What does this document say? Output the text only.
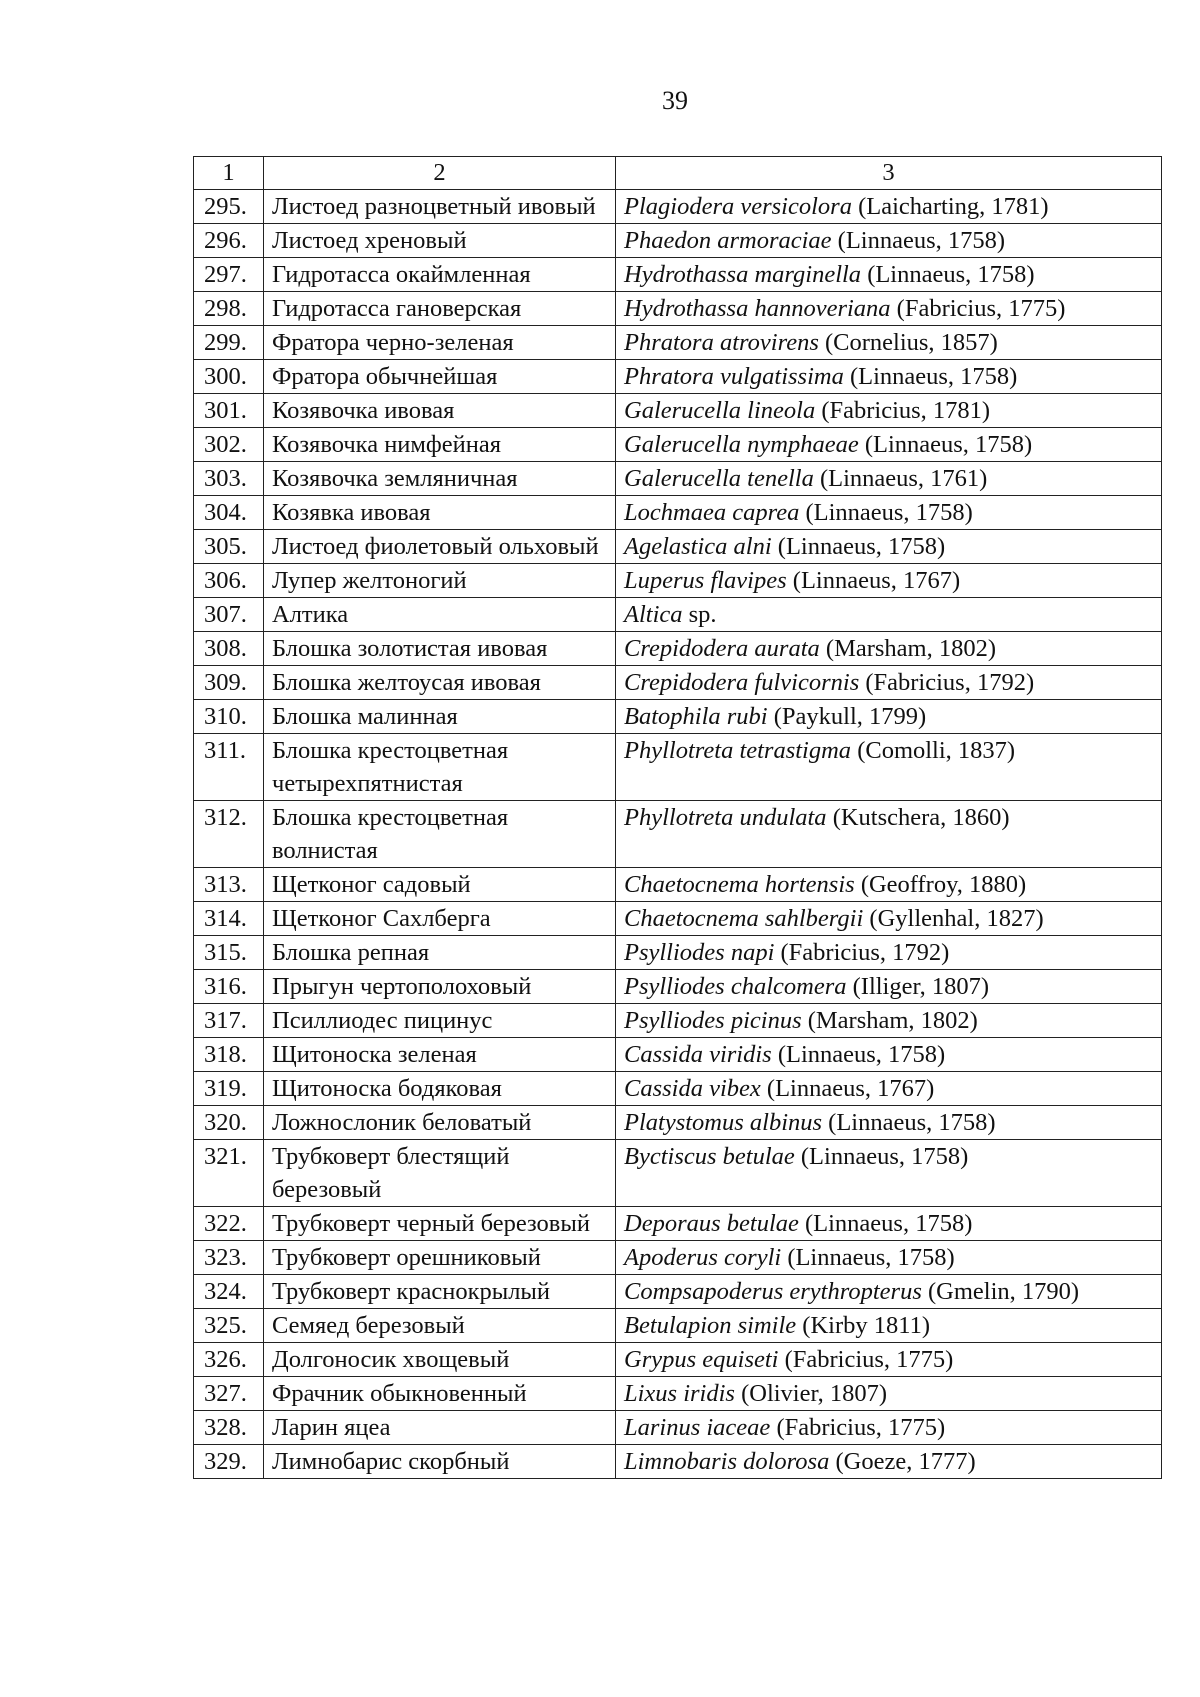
39
1	2	3
295.	Листоед разноцветный ивовый	Plagiodera versicolora (Laicharting, 1781)
296.	Листоед хреновый	Phaedon armoraciae (Linnaeus, 1758)
297.	Гидротасса окаймленная	Hydrothassa marginella (Linnaeus, 1758)
298.	Гидротасса гановерская	Hydrothassa hannoveriana (Fabricius, 1775)
299.	Фратора черно-зеленая	Phratora atrovirens (Cornelius, 1857)
300.	Фратора обычнейшая	Phratora vulgatissima (Linnaeus, 1758)
301.	Козявочка ивовая	Galerucella lineola (Fabricius, 1781)
302.	Козявочка нимфейная	Galerucella nymphaeae (Linnaeus, 1758)
303.	Козявочка земляничная	Galerucella tenella (Linnaeus, 1761)
304.	Козявка ивовая	Lochmaea caprea (Linnaeus, 1758)
305.	Листоед фиолетовый ольховый	Agelastica alni (Linnaeus, 1758)
306.	Лупер желтоногий	Luperus flavipes (Linnaeus, 1767)
307.	Алтика	Altica sp.
308.	Блошка золотистая ивовая	Crepidodera aurata (Marsham, 1802)
309.	Блошка желтоусая ивовая	Crepidodera fulvicornis (Fabricius, 1792)
310.	Блошка малинная	Batophila rubi (Paykull, 1799)
311.	Блошка крестоцветная четырехпятнистая	Phyllotreta tetrastigma (Comolli, 1837)
312.	Блошка крестоцветная волнистая	Phyllotreta undulata (Kutschera, 1860)
313.	Щетконог садовый	Chaetocnema hortensis (Geoffroy, 1880)
314.	Щетконог Сахлберга	Chaetocnema sahlbergii (Gyllenhal, 1827)
315.	Блошка репная	Psylliodes napi (Fabricius, 1792)
316.	Прыгун чертополоховый	Psylliodes chalcomera (Illiger, 1807)
317.	Псиллиодес пицинус	Psylliodes picinus (Marsham, 1802)
318.	Щитоноска зеленая	Cassida viridis (Linnaeus, 1758)
319.	Щитоноска бодяковая	Cassida vibex (Linnaeus, 1767)
320.	Ложнослоник беловатый	Platystomus albinus (Linnaeus, 1758)
321.	Трубковерт блестящий березовый	Byctiscus betulae (Linnaeus, 1758)
322.	Трубковерт черный березовый	Deporaus betulae (Linnaeus, 1758)
323.	Трубковерт орешниковый	Apoderus coryli (Linnaeus, 1758)
324.	Трубковерт краснокрылый	Compsapoderus erythropterus (Gmelin, 1790)
325.	Семяед березовый	Betulapion simile (Kirby 1811)
326.	Долгоносик хвощевый	Grypus equiseti (Fabricius, 1775)
327.	Фрачник обыкновенный	Lixus iridis (Olivier, 1807)
328.	Ларин яцеа	Larinus iaceae (Fabricius, 1775)
329.	Лимнобарис скорбный	Limnobaris dolorosa (Goeze, 1777)
